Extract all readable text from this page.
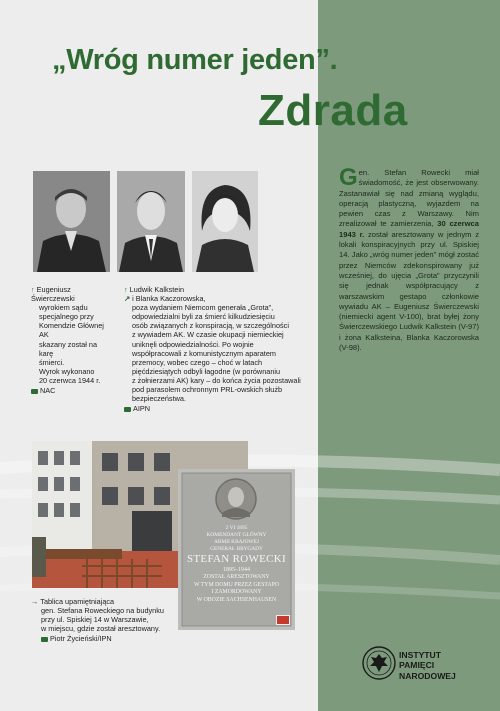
„Wróg numer jeden”.
Zdrada
↑ Eugeniusz Świerczewski
wyrokiem sądu
specjalnego przy
Komendzie Głównej AK
skazany został na karę
śmierci.
Wyrok wykonano
20 czerwca 1944 r.
NAC
↑ Ludwik Kalkstein
↗ i Blanka Kaczorowska,
poza wydaniem Niemcom generała „Grota”,
odpowiedzialni byli za śmierć kilkudziesięciu
osób związanych z konspiracją, w szczególności
z wywiadem AK. W czasie okupacji niemieckiej
uniknęli odpowiedzialności. Po wojnie
współpracowali z komunistycznym aparatem
przemocy, wobec czego – choć w latach
pięćdziesiątych odbyli łagodne (w porównaniu
z żołnierzami AK) kary – do końca życia pozostawali
pod parasolem ochronnym PRL-owskich służb
bezpieczeństwa.
AIPN
Gen. Stefan Rowecki miał świadomość, że jest obserwowany. Zastanawiał się nad zmianą wyglądu, operacją plastyczną, wyjazdem na pewien czas z Warszawy. Nim zrealizował te zamierzenia, 30 czerwca 1943 r. został aresztowany w jednym z lokali konspiracyjnych przy ul. Spiskiej 14. Jako „wróg numer jeden” mógł zostać przez Niemców zdekonspirowany już wcześniej, do ujęcia „Grota” przyczynili się jednak współpracujący z warszawskim gestapo członkowie wywiadu AK – Eugeniusz Świerczewski (niemiecki agent V-100), brat byłej żony Świerczewskiego Ludwik Kalkstein (V-97) i żona Kalksteina, Blanka Kaczorowska (V-98).
2 VI 1895
KOMENDANT GŁÓWNY
ARMII KRAJOWEJ
GENERAŁ BRYGADY
STEFAN ROWECKI
1895–1944
ZOSTAŁ ARESZTOWANY
W TYM DOMU PRZEZ GESTAPO
I ZAMORDOWANY
W OBOZIE SACHSENHAUSEN
→ Tablica upamiętniająca
gen. Stefana Roweckiego na budynku
przy ul. Spiskiej 14 w Warszawie,
w miejscu, gdzie został aresztowany.
Piotr Życieński/IPN
INSTYTUT
PAMIĘCI
NARODOWEJ
